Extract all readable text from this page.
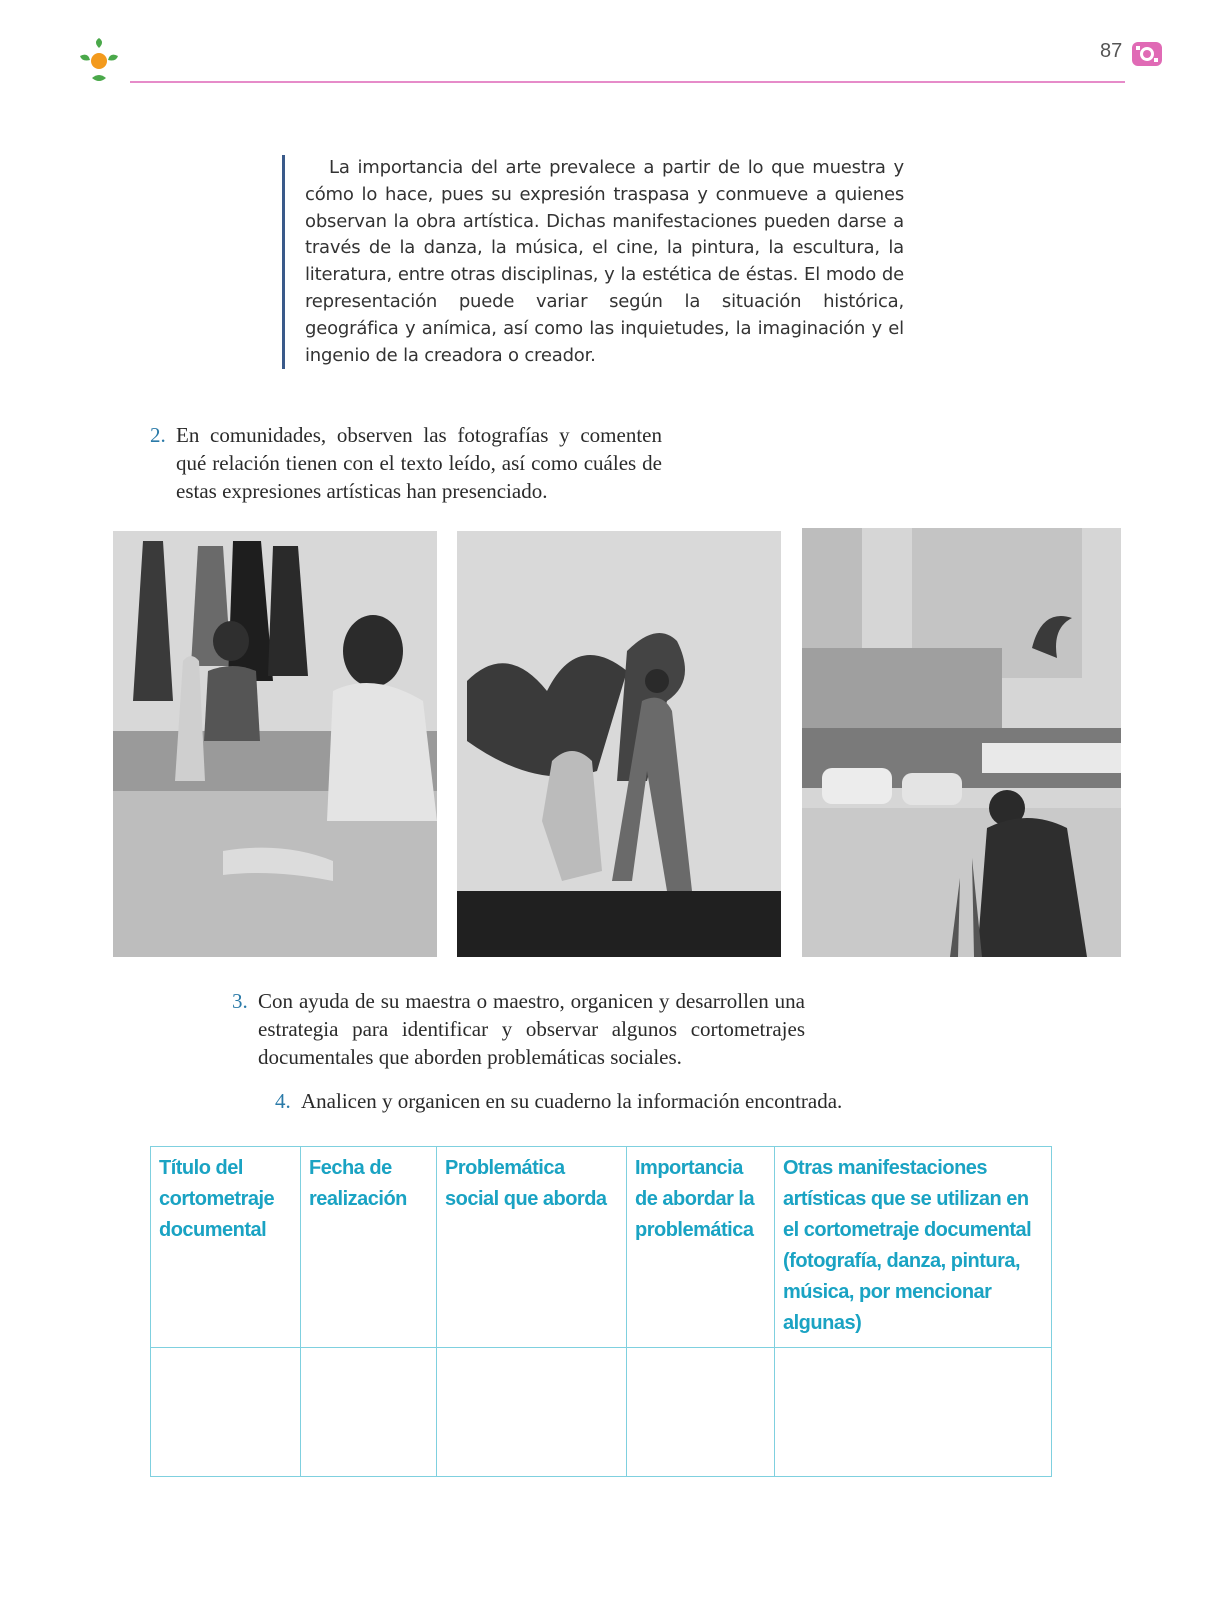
87

La importancia del arte prevalece a partir de lo que muestra y cómo lo hace, pues su expresión traspasa y conmueve a quienes observan la obra artística. Dichas manifestaciones pueden darse a través de la danza, la música, el cine, la pintura, la escultura, la literatura, entre otras disciplinas, y la estética de éstas. El modo de representación puede variar según la situación histórica, geográfica y anímica, así como las inquietudes, la imaginación y el ingenio de la creadora o creador.

2. En comunidades, observen las fotografías y comenten qué relación tienen con el texto leído, así como cuáles de estas expresiones artísticas han presenciado.
3. Con ayuda de su maestra o maestro, organicen y desarrollen una estrategia para identificar y observar algunos cortometrajes documentales que aborden problemáticas sociales.
4. Analicen y organicen en su cuaderno la información encontrada.
Título del cortometraje documental	Fecha de realización	Problemática social que aborda	Importancia de abordar la problemática	Otras manifestaciones artísticas que se utilizan en el cortometraje documental (fotografía, danza, pintura, música, por mencionar algunas)
